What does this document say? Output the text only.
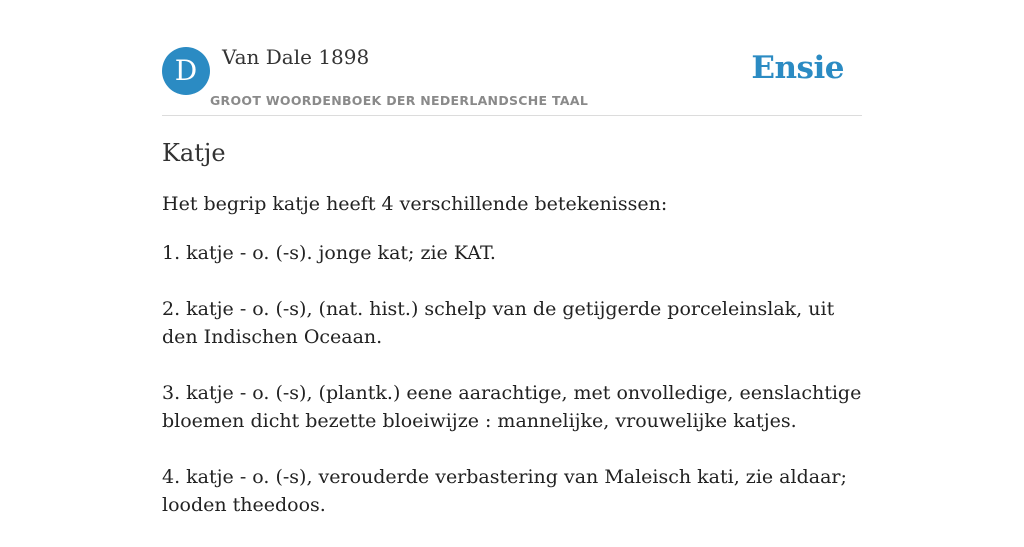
D	Van Dale 1898
GROOT WOORDENBOEK DER NEDERLANDSCHE TAAL
Ensie
Katje

Het begrip katje heeft 4 verschillende betekenissen:

1. katje - o. (-s). jonge kat; zie KAT.
2. katje - o. (-s), (nat. hist.) schelp van de getijgerde porceleinslak, uit den Indischen Oceaan.
3. katje - o. (-s), (plantk.) eene aarachtige, met onvolledige, eenslachtige bloemen dicht bezette bloeiwijze : mannelijke, vrouwelijke katjes.
4. katje - o. (-s), verouderde verbastering van Maleisch kati, zie aldaar; looden theedoos.
